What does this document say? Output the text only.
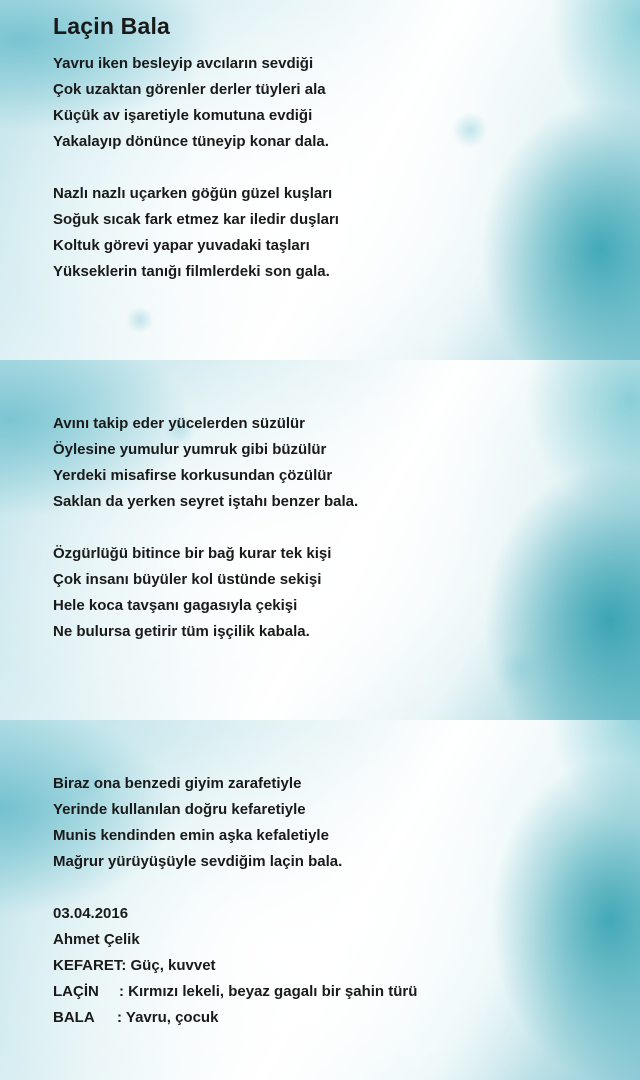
Laçin Bala
Yavru iken besleyip avcıların sevdiği
Çok uzaktan görenler derler tüyleri ala
Küçük av işaretiyle komutuna evdiği
Yakalayıp dönünce tüneyip konar dala.
Nazlı nazlı uçarken göğün güzel kuşları
Soğuk sıcak fark etmez kar iledir duşları
Koltuk görevi yapar yuvadaki taşları
Yükseklerin tanığı filmlerdeki son gala.
Avını takip eder yücelerden süzülür
Öylesine yumulur yumruk gibi büzülür
Yerdeki misafirse korkusundan çözülür
Saklan da yerken seyret iştahı benzer bala.
Özgürlüğü bitince bir bağ kurar tek kişi
Çok insanı büyüler kol üstünde sekişi
Hele koca tavşanı gagasıyla çekişi
Ne bulursa getirir tüm işçilik kabala.
Biraz ona benzedi giyim zarafetiyle
Yerinde kullanılan doğru kefaretiyle
Munis kendinden emin aşka kefaletiyle
Mağrur yürüyüşüyle sevdiğim laçin bala.
03.04.2016
Ahmet Çelik
KEFARET: Güç, kuvvet
LAÇİN : Kırmızı lekeli, beyaz gagalı bir şahin türü
BALA : Yavru, çocuk
